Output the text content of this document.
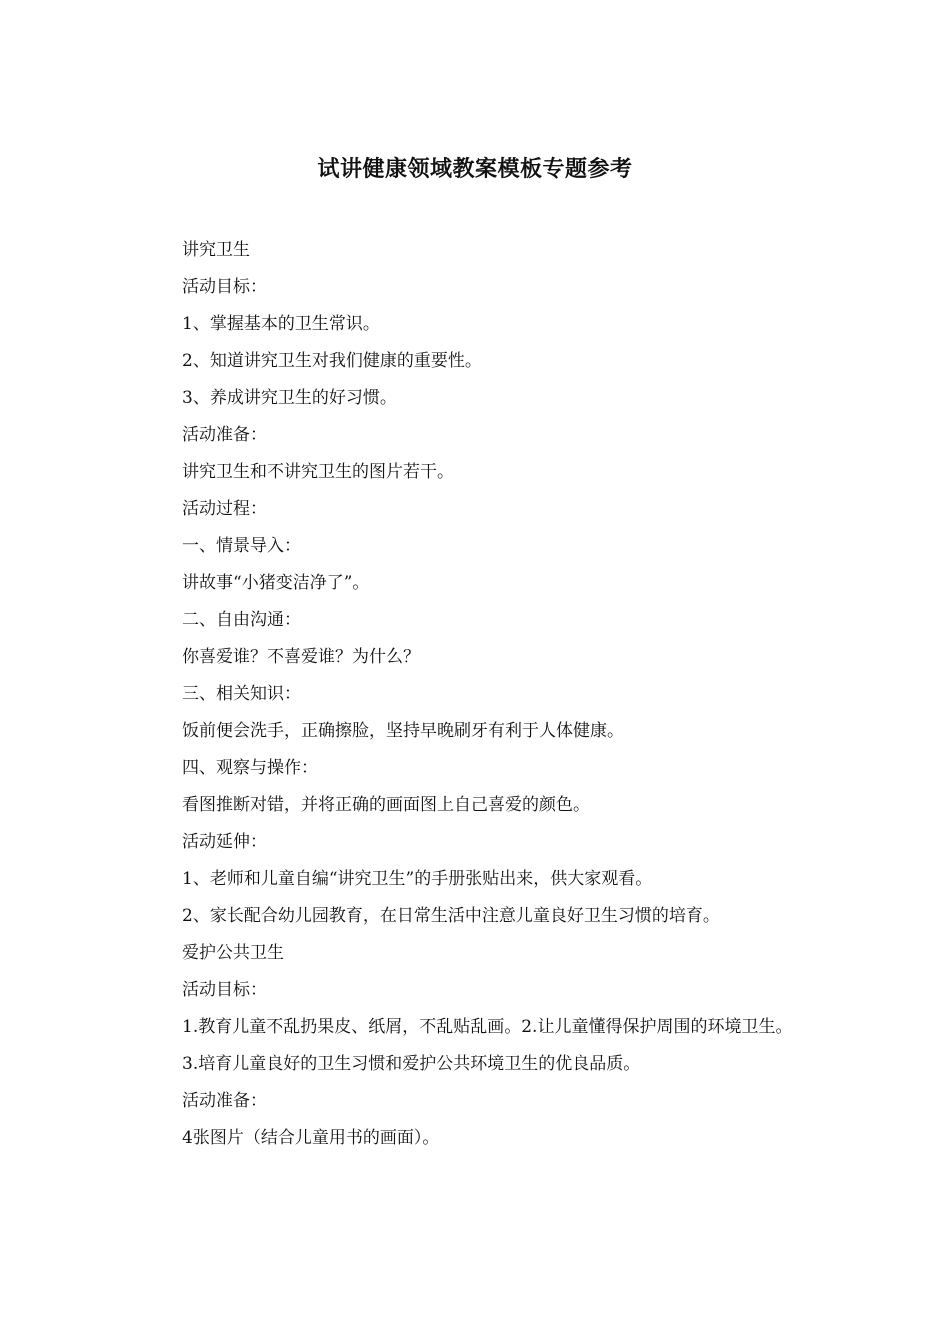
试讲健康领域教案模板专题参考

讲究卫生

活动目标：

1、掌握基本的卫生常识。

2、知道讲究卫生对我们健康的重要性。

3、养成讲究卫生的好习惯。

活动准备：

讲究卫生和不讲究卫生的图片若干。

活动过程：

一、情景导入：

讲故事“小猪变洁净了”。

二、自由沟通：

你喜爱谁？不喜爱谁？为什么？

三、相关知识：

饭前便会洗手，正确擦脸，坚持早晚刷牙有利于人体健康。

四、观察与操作：

看图推断对错，并将正确的画面图上自己喜爱的颜色。

活动延伸：

1、老师和儿童自编“讲究卫生”的手册张贴出来，供大家观看。

2、家长配合幼儿园教育，在日常生活中注意儿童良好卫生习惯的培育。

爱护公共卫生

活动目标：

1.教育儿童不乱扔果皮、纸屑，不乱贴乱画。2.让儿童懂得保护周围的环境卫生。

3.培育儿童良好的卫生习惯和爱护公共环境卫生的优良品质。

活动准备：

4张图片（结合儿童用书的画面）。
